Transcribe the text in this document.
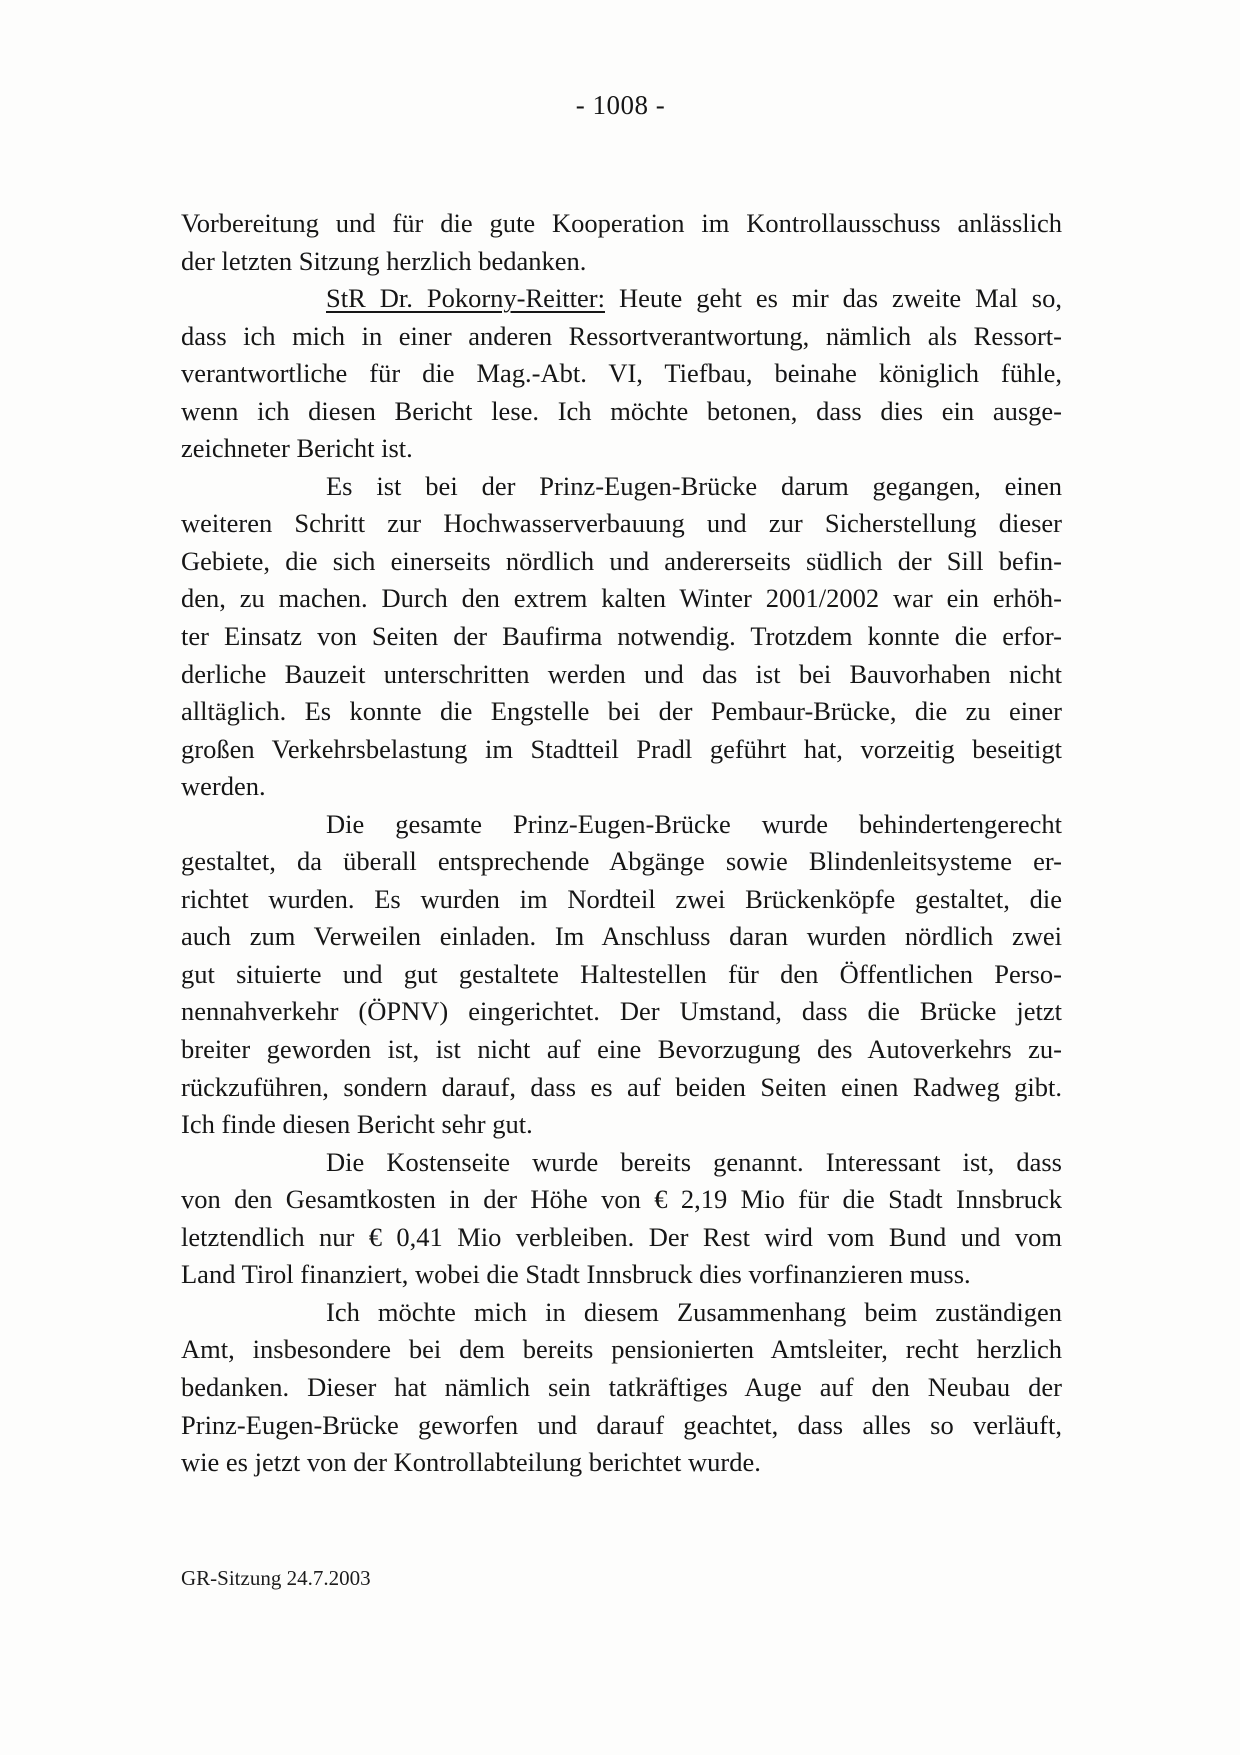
- 1008 -
Vorbereitung und für die gute Kooperation im Kontrollausschuss anlässlich
der letzten Sitzung herzlich bedanken.
StR Dr. Pokorny-Reitter: Heute geht es mir das zweite Mal so,
dass ich mich in einer anderen Ressortverantwortung, nämlich als Ressort-
verantwortliche für die Mag.-Abt. VI, Tiefbau, beinahe königlich fühle,
wenn ich diesen Bericht lese. Ich möchte betonen, dass dies ein ausge-
zeichneter Bericht ist.
Es ist bei der Prinz-Eugen-Brücke darum gegangen, einen
weiteren Schritt zur Hochwasserverbauung und zur Sicherstellung dieser
Gebiete, die sich einerseits nördlich und andererseits südlich der Sill befin-
den, zu machen. Durch den extrem kalten Winter 2001/2002 war ein erhöh-
ter Einsatz von Seiten der Baufirma notwendig. Trotzdem konnte die erfor-
derliche Bauzeit unterschritten werden und das ist bei Bauvorhaben nicht
alltäglich. Es konnte die Engstelle bei der Pembaur-Brücke, die zu einer
großen Verkehrsbelastung im Stadtteil Pradl geführt hat, vorzeitig beseitigt
werden.
Die gesamte Prinz-Eugen-Brücke wurde behindertengerecht
gestaltet, da überall entsprechende Abgänge sowie Blindenleitsysteme er-
richtet wurden. Es wurden im Nordteil zwei Brückenköpfe gestaltet, die
auch zum Verweilen einladen. Im Anschluss daran wurden nördlich zwei
gut situierte und gut gestaltete Haltestellen für den Öffentlichen Perso-
nennahverkehr (ÖPNV) eingerichtet. Der Umstand, dass die Brücke jetzt
breiter geworden ist, ist nicht auf eine Bevorzugung des Autoverkehrs zu-
rückzuführen, sondern darauf, dass es auf beiden Seiten einen Radweg gibt.
Ich finde diesen Bericht sehr gut.
Die Kostenseite wurde bereits genannt. Interessant ist, dass
von den Gesamtkosten in der Höhe von € 2,19 Mio für die Stadt Innsbruck
letztendlich nur € 0,41 Mio verbleiben. Der Rest wird vom Bund und vom
Land Tirol finanziert, wobei die Stadt Innsbruck dies vorfinanzieren muss.
Ich möchte mich in diesem Zusammenhang beim zuständigen
Amt, insbesondere bei dem bereits pensionierten Amtsleiter, recht herzlich
bedanken. Dieser hat nämlich sein tatkräftiges Auge auf den Neubau der
Prinz-Eugen-Brücke geworfen und darauf geachtet, dass alles so verläuft,
wie es jetzt von der Kontrollabteilung berichtet wurde.
GR-Sitzung 24.7.2003
